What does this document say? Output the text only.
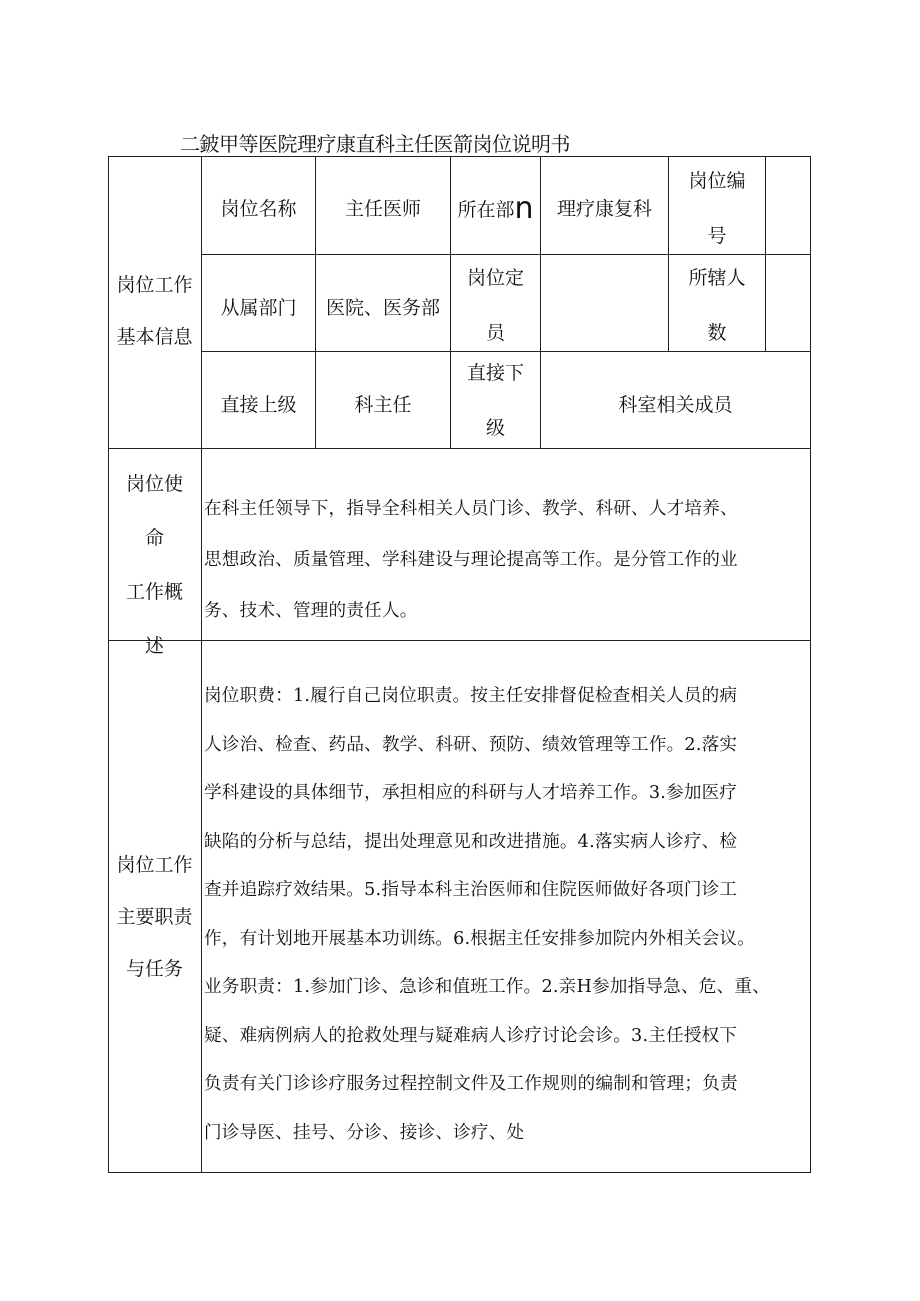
二鈹甲等医院理疗康直科主任医箭岗位说明书
岗位工作
基本信息
岗位名称	主任医师 所在部n 理疗康复科
岗位编
号
从属部门 医院、医务部
岗位定
员
所辖人
数
直接上级	科主任
直接下
级
科室相关成员
岗位使
命
工作概
述
在科主任领导下，指导全科相关人员门诊、教学、科研、人才培养、
思想政治、质量管理、学科建设与理论提高等工作。是分管工作的业
务、技术、管理的责任人。
岗位工作
主要职责
与任务
岗位职费：1.履行自己岗位职责。按主任安排督促检查相关人员的病
人诊治、检查、药品、教学、科研、预防、绩效管理等工作。2.落实
学科建设的具体细节，承担相应的科研与人才培养工作。3.参加医疗
缺陷的分析与总结，提出处理意见和改进措施。4.落实病人诊疗、检
查并追踪疗效结果。5.指导本科主治医师和住院医师做好各项门诊工
作，有计划地开展基本功训练。6.根据主任安排参加院内外相关会议。
业务职责：1.参加门诊、急诊和值班工作。2.亲H参加指导急、危、重、
疑、难病例病人的抢救处理与疑难病人诊疗讨论会诊。3.主任授权下
负责有关门诊诊疗服务过程控制文件及工作规则的编制和管理；负责
门诊导医、挂号、分诊、接诊、诊疗、处
